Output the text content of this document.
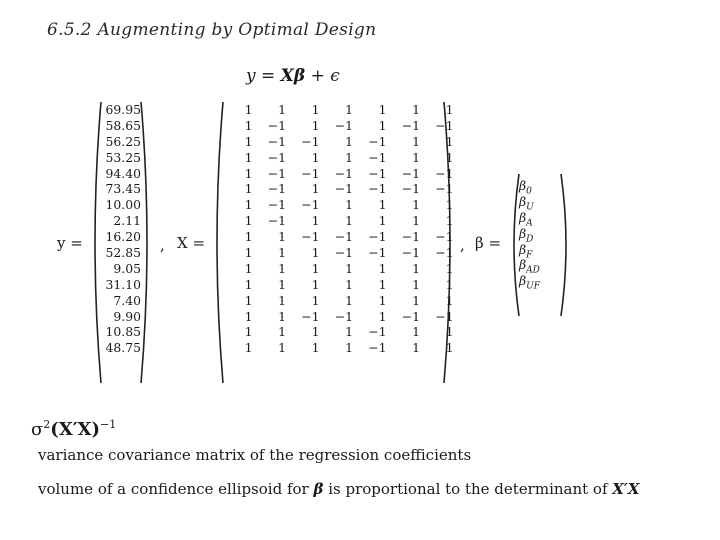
6.5.2 Augmenting by Optimal Design
y = Xβ + ϵ
y =	, X =	, β =
69.95
58.65
56.25
53.25
94.40
73.45
10.00
2.11
16.20
52.85
9.05
31.10
7.40
9.90
10.85
48.75
1	1	1	1	1	1	1
1	−1	1	−1	1	−1	−1
1	−1	−1	1	−1	1	1
1	−1	1	1	−1	1	1
1	−1	−1	−1	−1	−1	−1
1	−1	1	−1	−1	−1	−1
1	−1	−1	1	1	1	1
1	−1	1	1	1	1	1
1	1	−1	−1	−1	−1	−1
1	1	1	−1	−1	−1	−1
1	1	1	1	1	1	1
1	1	1	1	1	1	1
1	1	1	1	1	1	1
1	1	−1	−1	1	−1	−1
1	1	1	1	−1	1	1
1	1	1	1	−1	1	1
$\beta_0$
$\beta_U$
$\beta_A$
$\beta_D$
$\beta_F$
$\beta_{AD}$
$\beta_{UF}$
$\sigma^2(X'X)^{-1}$
variance covariance matrix of the regression coefficients
volume of a confidence ellipsoid for β is proportional to the determinant of X′X
